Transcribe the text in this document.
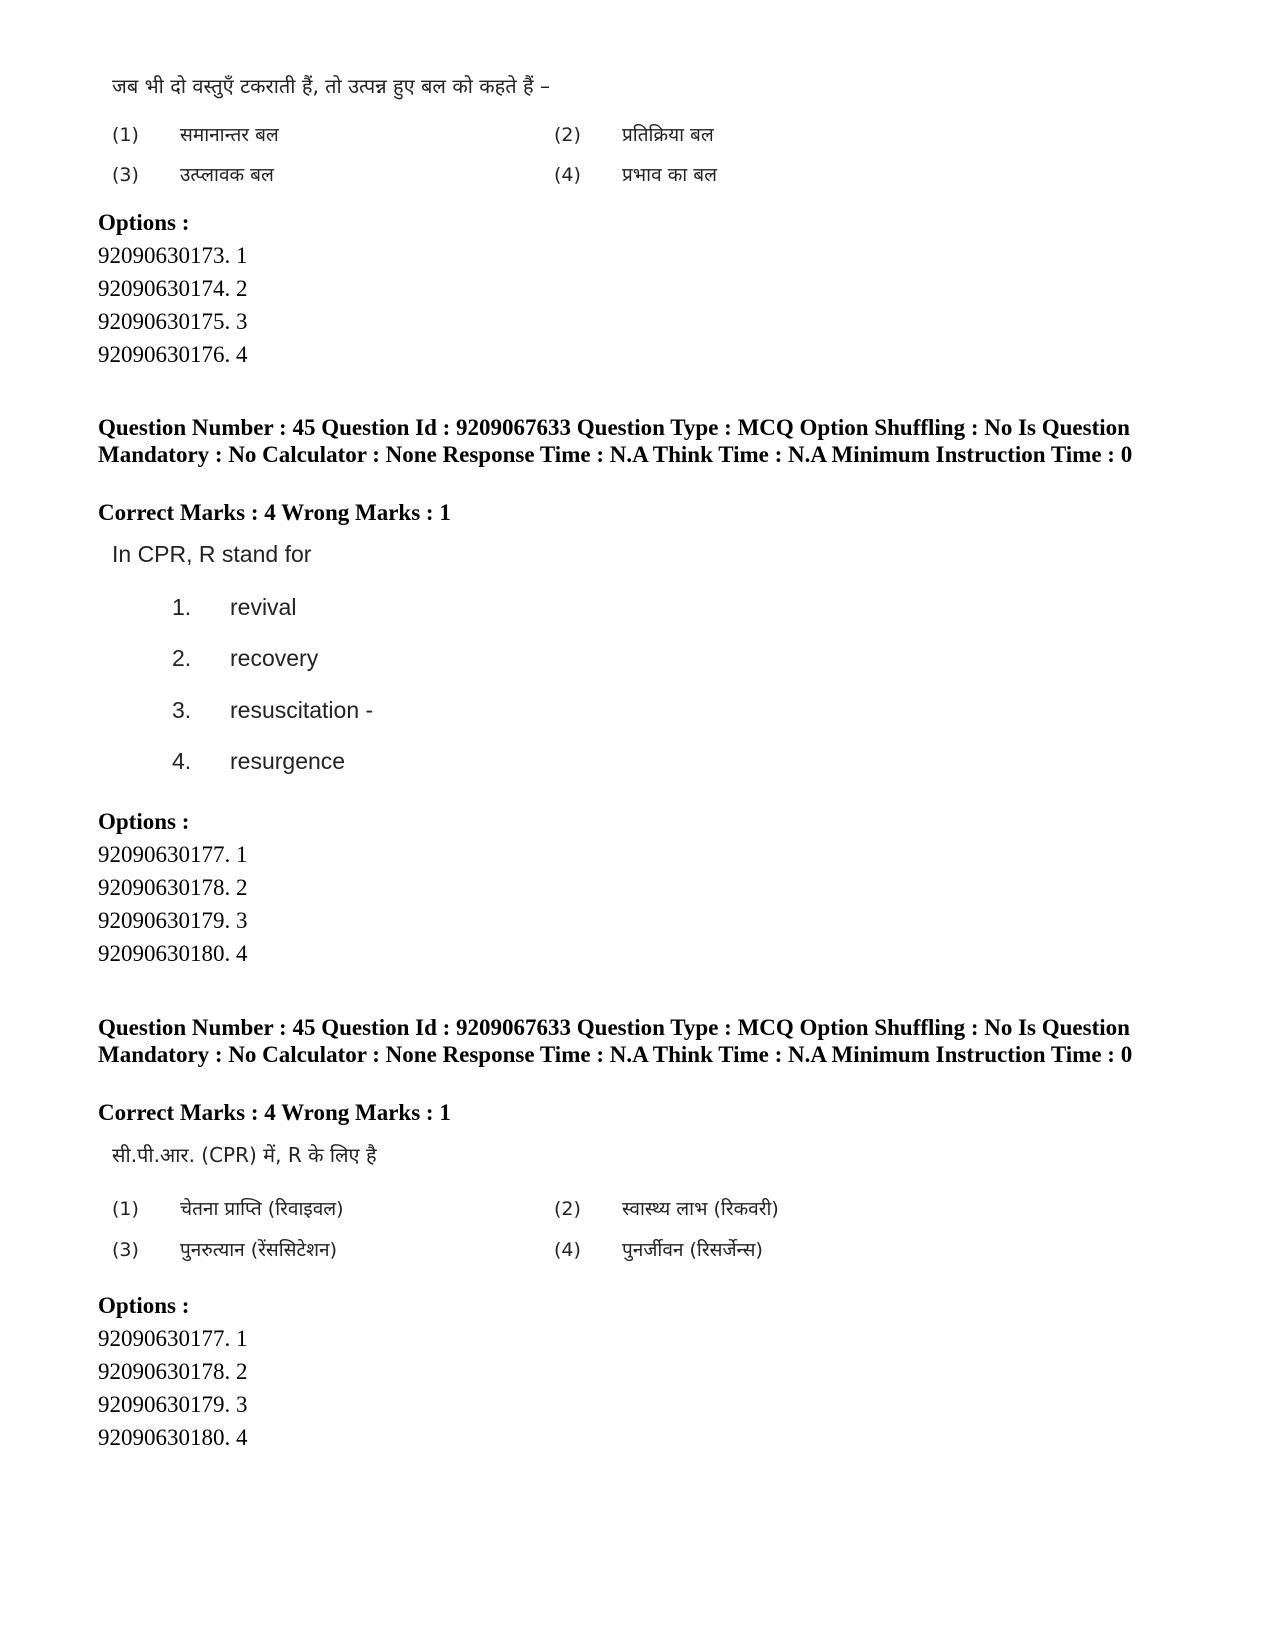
जब भी दो वस्तुएँ टकराती हैं, तो उत्पन्न हुए बल को कहते हैं –
(1) समानान्तर बल	(2) प्रतिक्रिया बल
(3) उत्प्लावक बल	(4) प्रभाव का बल
Options :
92090630173. 1
92090630174. 2
92090630175. 3
92090630176. 4
Question Number : 45 Question Id : 9209067633 Question Type : MCQ Option Shuffling : No Is Question Mandatory : No Calculator : None Response Time : N.A Think Time : N.A Minimum Instruction Time : 0
Correct Marks : 4 Wrong Marks : 1
In CPR, R stand for
1. revival
2. recovery
3. resuscitation -
4. resurgence
Options :
92090630177. 1
92090630178. 2
92090630179. 3
92090630180. 4
Question Number : 45 Question Id : 9209067633 Question Type : MCQ Option Shuffling : No Is Question Mandatory : No Calculator : None Response Time : N.A Think Time : N.A Minimum Instruction Time : 0
Correct Marks : 4 Wrong Marks : 1
सी.पी.आर. (CPR) में, R के लिए है
(1) चेतना प्राप्ति (रिवाइवल)	(2) स्वास्थ्य लाभ (रिकवरी)
(3) पुनरुत्यान (रेंससिटेशन)	(4) पुनर्जीवन (रिसर्जेन्स)
Options :
92090630177. 1
92090630178. 2
92090630179. 3
92090630180. 4
